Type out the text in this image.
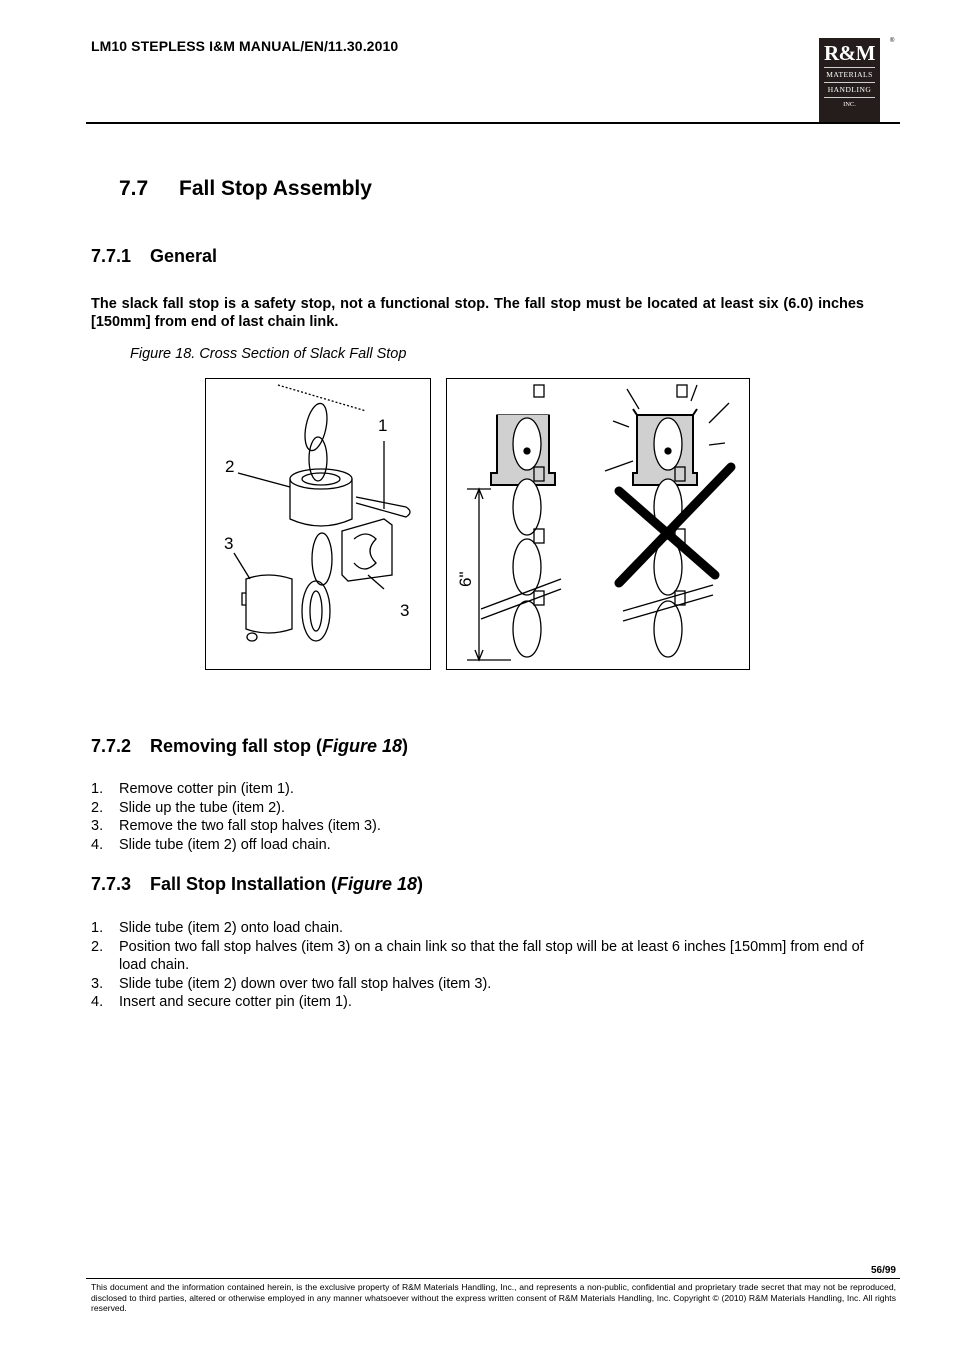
LM10 STEPLESS I&M MANUAL/EN/11.30.2010	R&M
MATERIALS
HANDLING
INC.
®
7.7 Fall Stop Assembly
7.7.1 General
The slack fall stop is a safety stop, not a functional stop. The fall stop must be located at least six (6.0) inches [150mm] from end of last chain link.
Figure 18. Cross Section of Slack Fall Stop
1
2
3
3
6"
7.7.2 Removing fall stop (Figure 18)
1. Remove cotter pin (item 1).
2. Slide up the tube (item 2).
3. Remove the two fall stop halves (item 3).
4. Slide tube (item 2) off load chain.
7.7.3 Fall Stop Installation (Figure 18)
1. Slide tube (item 2) onto load chain.
2. Position two fall stop halves (item 3) on a chain link so that the fall stop will be at least 6 inches [150mm] from end of load chain.
3. Slide tube (item 2) down over two fall stop halves (item 3).
4. Insert and secure cotter pin (item 1).
56/99
This document and the information contained herein, is the exclusive property of R&M Materials Handling, Inc., and represents a non-public, confidential and proprietary trade secret that may not be reproduced, disclosed to third parties, altered or otherwise employed in any manner whatsoever without the express written consent of R&M Materials Handling, Inc. Copyright © (2010) R&M Materials Handling, Inc. All rights reserved.
